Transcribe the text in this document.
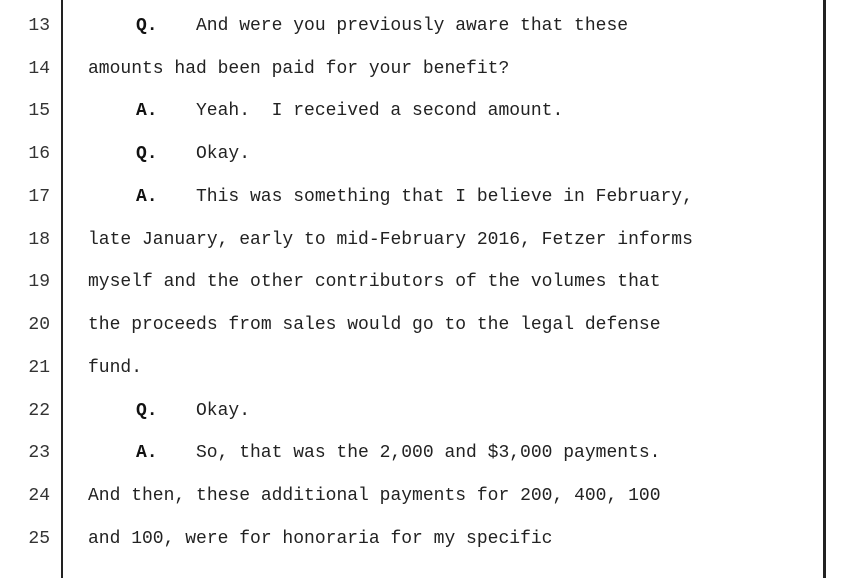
13	Q. And were you previously aware that these
14 amounts had been paid for your benefit?
15	A. Yeah.  I received a second amount.
16	Q. Okay.
17	A. This was something that I believe in February,
18 late January, early to mid-February 2016, Fetzer informs
19 myself and the other contributors of the volumes that
20 the proceeds from sales would go to the legal defense
21 fund.
22	Q. Okay.
23	A. So, that was the 2,000 and $3,000 payments.
24 And then, these additional payments for 200, 400, 100
25 and 100, were for honoraria for my specific
